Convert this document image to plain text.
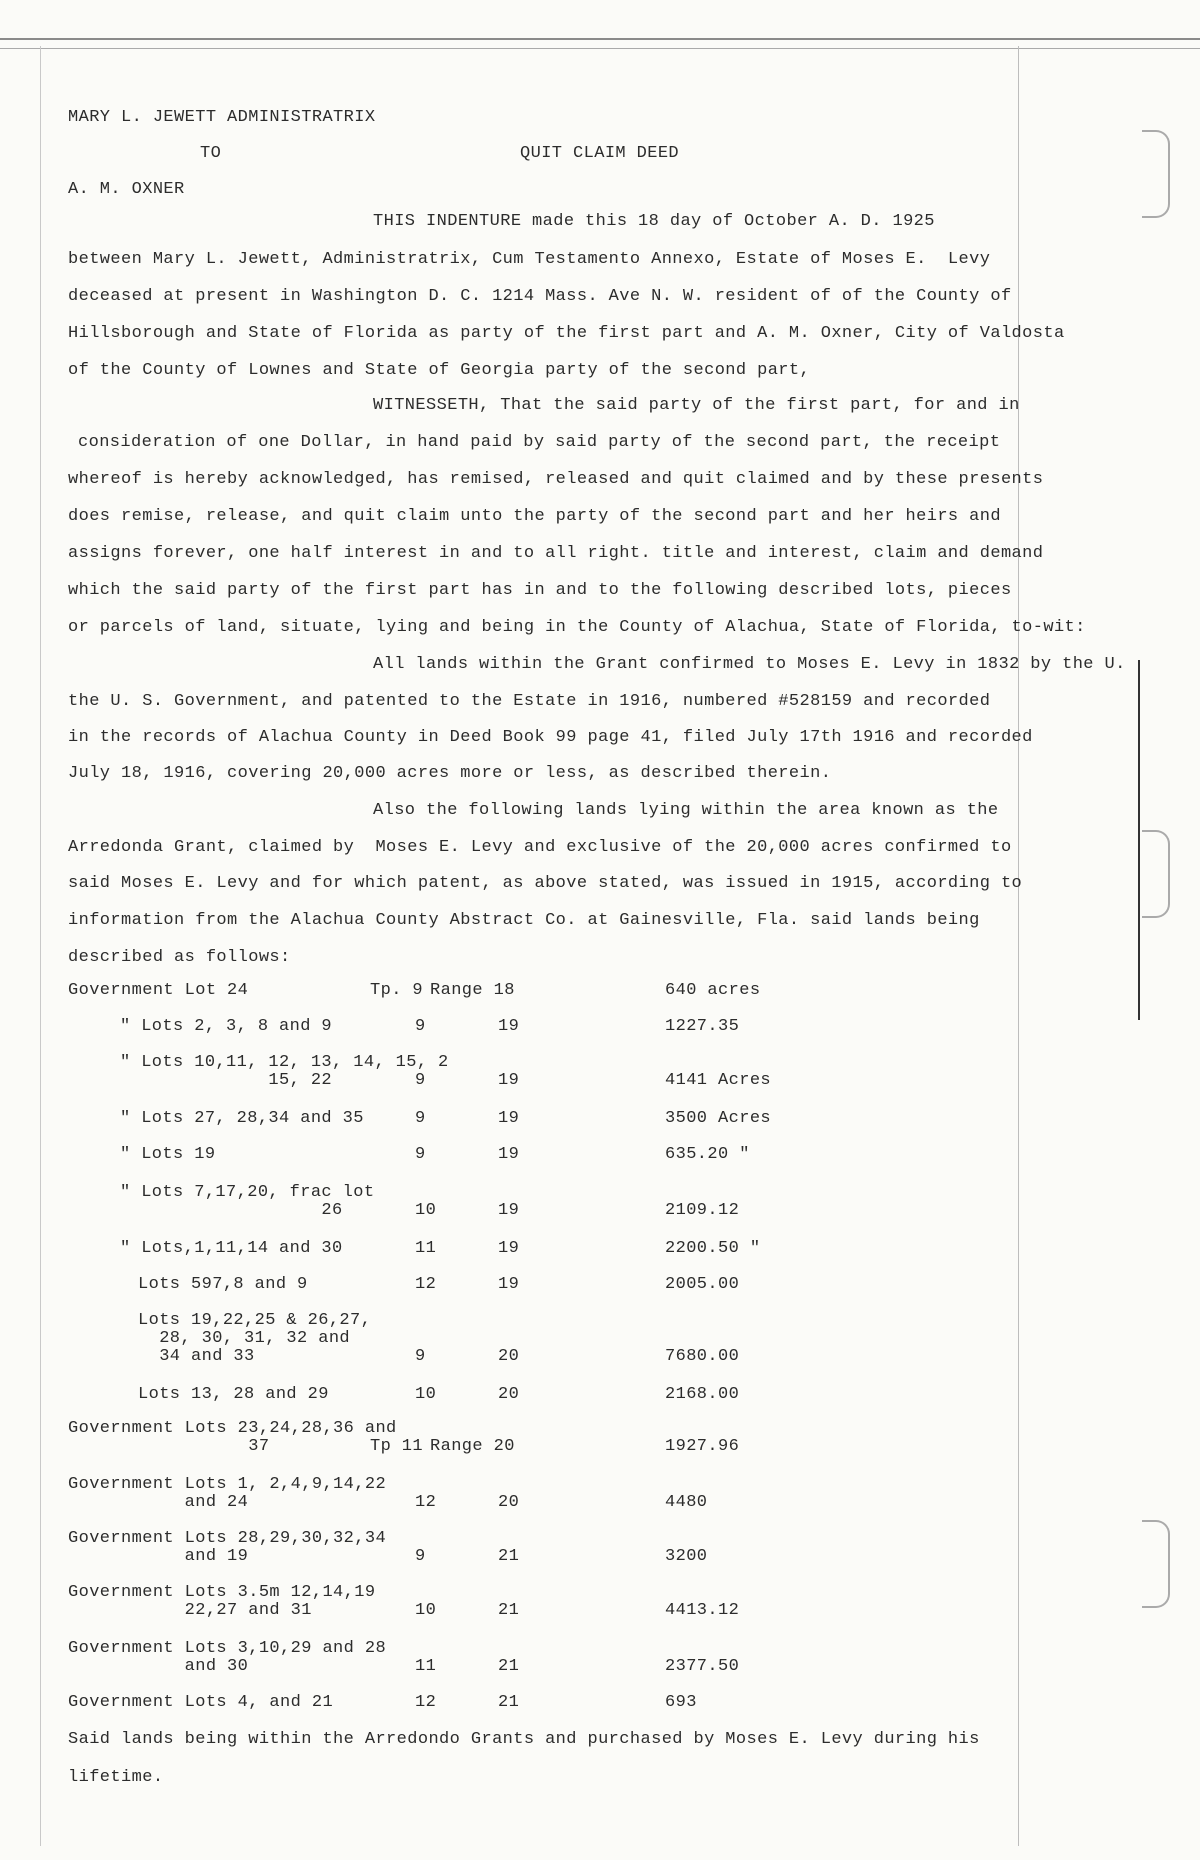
MARY L. JEWETT ADMINISTRATRIX
TO	QUIT CLAIM DEED
A. M. OXNER
THIS INDENTURE made this 18 day of October A. D. 1925
between Mary L. Jewett, Administratrix, Cum Testamento Annexo, Estate of Moses E.  Levy
deceased at present in Washington D. C. 1214 Mass. Ave N. W. resident of of the County of
Hillsborough and State of Florida as party of the first part and A. M. Oxner, City of Valdosta
of the County of Lownes and State of Georgia party of the second part,
WITNESSETH, That the said party of the first part, for and in
consideration of one Dollar, in hand paid by said party of the second part, the receipt
whereof is hereby acknowledged, has remised, released and quit claimed and by these presents
does remise, release, and quit claim unto the party of the second part and her heirs and
assigns forever, one half interest in and to all right. title and interest, claim and demand
which the said party of the first part has in and to the following described lots, pieces
or parcels of land, situate, lying and being in the County of Alachua, State of Florida, to-wit:
All lands within the Grant confirmed to Moses E. Levy in 1832 by the U.
the U. S. Government, and patented to the Estate in 1916, numbered #528159 and recorded
in the records of Alachua County in Deed Book 99 page 41, filed July 17th 1916 and recorded
July 18, 1916, covering 20,000 acres more or less, as described therein.
Also the following lands lying within the area known as the
Arredonda Grant, claimed by  Moses E. Levy and exclusive of the 20,000 acres confirmed to
said Moses E. Levy and for which patent, as above stated, was issued in 1915, according to
information from the Alachua County Abstract Co. at Gainesville, Fla. said lands being
described as follows:
Government Lot 24	Tp. 9 Range 18	640 acres
" Lots 2, 3, 8 and 9	9	19	1227.35
" Lots 10,11, 12, 13, 14, 15, 2
15, 22	9	19	4141 Acres
" Lots 27, 28,34 and 35	9	19	3500 Acres
" Lots 19	9	19	635.20 "
" Lots 7,17,20, frac lot
26	10	19	2109.12
" Lots,1,11,14 and 30	11	19	2200.50 "
Lots 597,8 and 9	12	19	2005.00
Lots 19,22,25 & 26,27,
28, 30, 31, 32 and
34 and 33	9	20	7680.00
Lots 13, 28 and 29	10	20	2168.00
Government Lots 23,24,28,36 and
37	Tp 11 Range 20	1927.96
Government Lots 1, 2,4,9,14,22
and 24	12	20	4480
Government Lots 28,29,30,32,34
and 19	9	21	3200
Government Lots 3.5m 12,14,19
22,27 and 31	10	21	4413.12
Government Lots 3,10,29 and 28
and 30	11	21	2377.50
Government Lots 4, and 21	12	21	693
Said lands being within the Arredondo Grants and purchased by Moses E. Levy during his
lifetime.
